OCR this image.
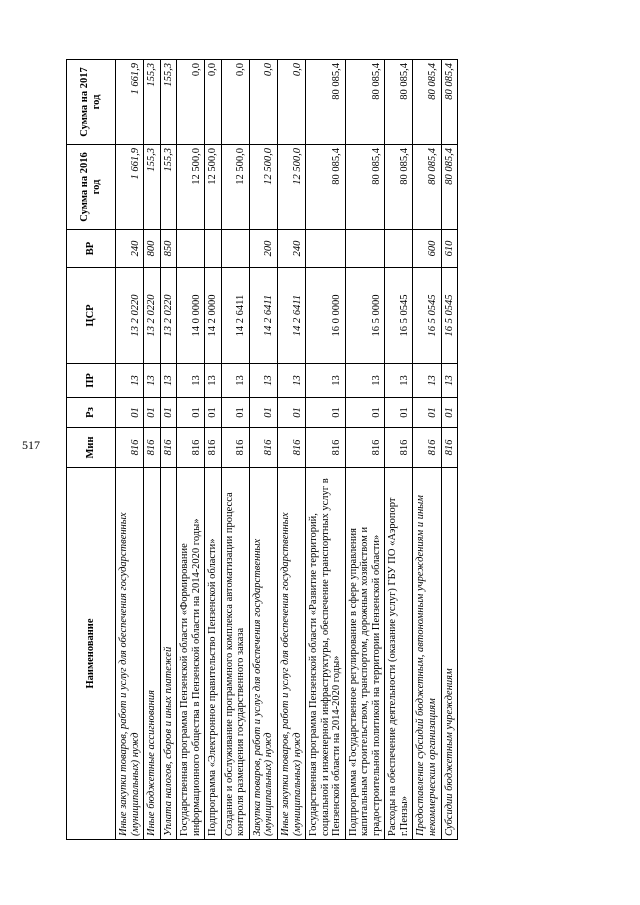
517
Наименование	Мин	Рз	ПР	ЦСР	ВР	Сумма на 2016 год	Сумма на 2017 год
Иные закупки товаров, работ и услуг для обеспечения государственных (муниципальных) нужд	816	01	13	13 2 0220	240	1 661,9	1 661,9
Иные бюджетные ассигнования	816	01	13	13 2 0220	800	155,3	155,3
Уплата налогов, сборов и иных платежей	816	01	13	13 2 0220	850	155,3	155,3
Государственная программа Пензенской области «Формирование информационного общества в Пензенской области на 2014-2020 годы»	816	01	13	14 0 0000		12 500,0	0,0
Подпрограмма «Электронное правительство Пензенской области»	816	01	13	14 2 0000		12 500,0	0,0
Создание и обслуживание программного комплекса автоматизации процесса контроля размещения государственного заказа	816	01	13	14 2 6411		12 500,0	0,0
Закупка товаров, работ и услуг для обеспечения государственных (муниципальных) нужд	816	01	13	14 2 6411	200	12 500,0	0,0
Иные закупки товаров, работ и услуг для обеспечения государственных (муниципальных) нужд	816	01	13	14 2 6411	240	12 500,0	0,0
Государственная программа Пензенской области «Развитие территорий, социальной и инженерной инфраструктуры, обеспечение транспортных услуг в Пензенской области на 2014-2020 годы»	816	01	13	16 0 0000		80 085,4	80 085,4
Подпрограмма «Государственное регулирование в сфере управления капитальным строительством, транспортом, дорожным хозяйством и градостроительной политикой на территории Пензенской области»	816	01	13	16 5 0000		80 085,4	80 085,4
Расходы на обеспечение деятельности (оказание услуг) ГБУ ПО «Аэропорт г.Пензы»	816	01	13	16 5 0545		80 085,4	80 085,4
Предоставление субсидий бюджетным, автономным учреждениям и иным некоммерческим организациям	816	01	13	16 5 0545	600	80 085,4	80 085,4
Субсидии бюджетным учреждениям	816	01	13	16 5 0545	610	80 085,4	80 085,4
